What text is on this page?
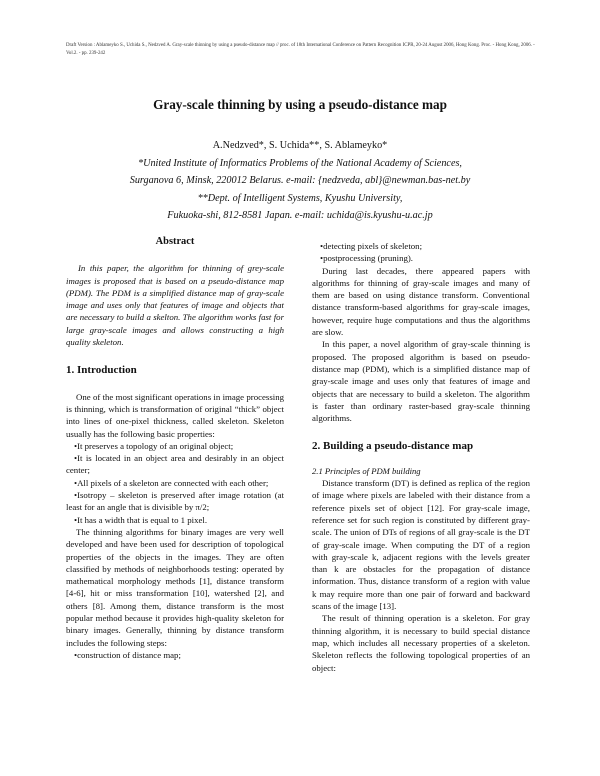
Draft Version : Ablameyko S., Uchida S., Nedzved A. Gray-scale thinning by using a pseudo-distance map // proc. of 18th International Conference on Pattern Recognition ICPR, 20-24 August 2006, Hong Kong. Proc. - Hong Kong, 2006. - Vol.2. - pp. 239-242
Gray-scale thinning by using a pseudo-distance map
A.Nedzved*, S. Uchida**, S. Ablameyko*
*United Institute of Informatics Problems of the National Academy of Sciences,
Surganova 6, Minsk, 220012 Belarus. e-mail: {nedzveda, abl}@newman.bas-net.by
**Dept. of Intelligent Systems, Kyushu University,
Fukuoka-shi, 812-8581 Japan. e-mail: uchida@is.kyushu-u.ac.jp

Abstract

In this paper, the algorithm for thinning of grey-scale images is proposed that is based on a pseudo-distance map (PDM). The PDM is a simplified distance map of gray-scale image and uses only that features of image and objects that are necessary to build a skelton. The algorithm works fast for large gray-scale images and allows constructing a high quality skeleton.

1. Introduction

One of the most significant operations in image processing is thinning, which is transformation of original “thick” object into lines of one-pixel thickness, called skeleton. Skeleton usually has the following basic properties:

•It preserves a topology of an original object;

•It is located in an object area and desirably in an object center;

•All pixels of a skeleton are connected with each other;

•Isotropy – skeleton is preserved after image rotation (at least for an angle that is divisible by π/2;

•It has a width that is equal to 1 pixel.

The thinning algorithms for binary images are very well developed and have been used for description of topological properties of the objects in the images. They are often classified by methods of neighborhoods testing: operated by mathematical morphology methods [1], distance transform [4-6], hit or miss transformation [10], watershed [2], and others [8]. Among them, distance transform is the most popular method because it provides high-quality skeleton for binary images. Generally, thinning by distance transform includes the following steps:

•construction of distance map;

•detecting pixels of skeleton;

•postprocessing (pruning).

During last decades, there appeared papers with algorithms for thinning of gray-scale images and many of them are based on using distance transform. Conventional distance transform-based algorithms for gray-scale images, however, require huge computations and thus the algorithms are slow.

In this paper, a novel algorithm of gray-scale thinning is proposed. The proposed algorithm is based on pseudo-distance map (PDM), which is a simplified distance map of gray-scale image and uses only that features of image and objects that are necessary to build a skeleton. The algorithm is faster than ordinary raster-based gray-scale thinning algorithms.

2. Building a pseudo-distance map

2.1 Principles of PDM building

Distance transform (DT) is defined as replica of the region of image where pixels are labeled with their distance from a reference pixels set of object [12]. For gray-scale image, reference set for such region is constituted by different gray-scale. The union of DTs of regions of all gray-scale is the DT of gray-scale image. When computing the DT of a region with gray-scale k, adjacent regions with the levels greater than k are obstacles for the propagation of distance information. Thus, distance transform of a region with value k may require more than one pair of forward and backward scans of the image [13].

The result of thinning operation is a skeleton. For gray thinning algorithm, it is necessary to build special distance map, which includes all necessary properties of a skeleton. Skeleton reflects the following topological properties of an object:
